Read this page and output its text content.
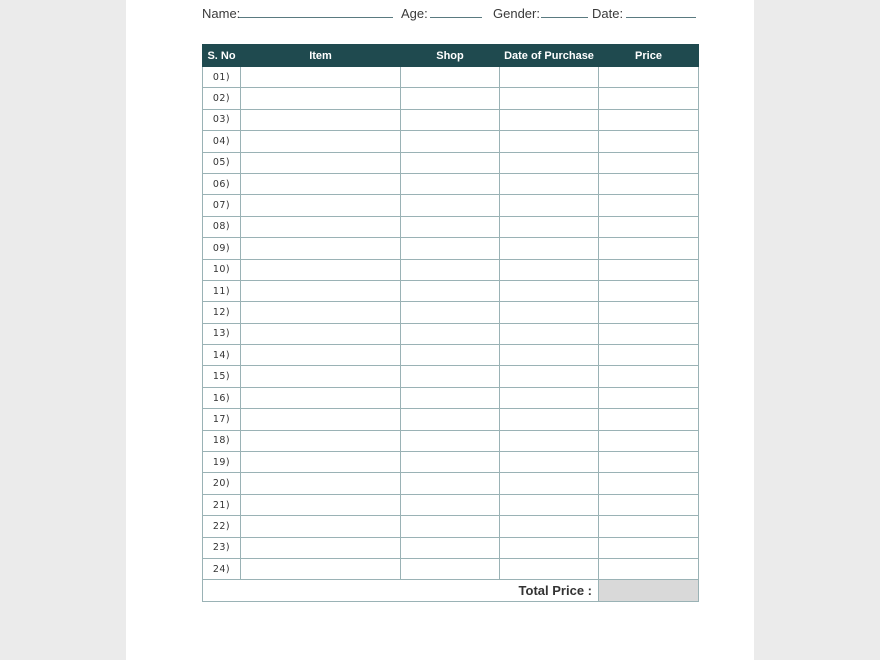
Name:	Age:	Gender:	Date:
S. No	Item	Shop	Date of Purchase	Price
01)				
02)				
03)				
04)				
05)				
06)				
07)				
08)				
09)				
10)				
11)				
12)				
13)				
14)				
15)				
16)				
17)				
18)				
19)				
20)				
21)				
22)				
23)				
24)				
Total Price :				
